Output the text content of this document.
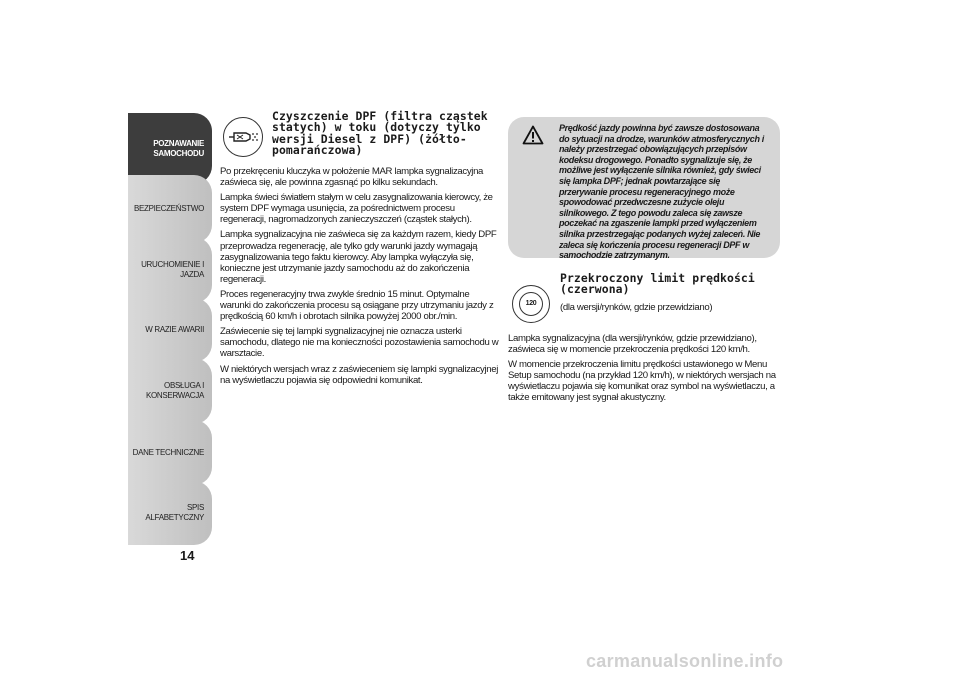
POZNAWANIE
SAMOCHODU
BEZPIECZEŃSTWO
URUCHOMIENIE I
JAZDA
W RAZIE AWARII
OBSŁUGA I
KONSERWACJA
DANE TECHNICZNE
SPIS ALFABETYCZNY
14
Czyszczenie DPF (filtra cząstek statych) w toku (dotyczy tylko wersji Diesel z DPF) (żółto-pomarańczowa)

Po przekręceniu kluczyka w położenie MAR lampka sygnalizacyjna zaświeca się, ale powinna zgasnąć po kilku sekundach.

Lampka świeci światłem stałym w celu zasygnalizowania kierowcy, że system DPF wymaga usunięcia, za pośrednictwem procesu regeneracji, nagromadzonych zanieczyszczeń (cząstek stałych).

Lampka sygnalizacyjna nie zaświeca się za każdym razem, kiedy DPF przeprowadza regenerację, ale tylko gdy warunki jazdy wymagają zasygnalizowania tego faktu kierowcy. Aby lampka wyłączyła się, konieczne jest utrzymanie jazdy samochodu aż do zakończenia regeneracji.

Proces regeneracyjny trwa zwykle średnio 15 minut. Optymalne warunki do zakończenia procesu są osiągane przy utrzymaniu jazdy z prędkością 60 km/h i obrotach silnika powyżej 2000 obr./min.

Zaświecenie się tej lampki sygnalizacyjnej nie oznacza usterki samochodu, dlatego nie ma konieczności pozostawienia samochodu w warsztacie.

W niektórych wersjach wraz z zaświeceniem się lampki sygnalizacyjnej na wyświetlaczu pojawia się odpowiedni komunikat.

Prędkość jazdy powinna być zawsze dostosowana do sytuacji na drodze, warunków atmosferycznych i należy przestrzegać obowiązujących przepisów kodeksu drogowego. Ponadto sygnalizuje się, że możliwe jest wyłączenie silnika również, gdy świeci się lampka DPF; jednak powtarzające się przerywanie procesu regeneracyjnego może spowodować przedwczesne zużycie oleju silnikowego. Z tego powodu zaleca się zawsze poczekać na zgaszenie lampki przed wyłączeniem silnika przestrzegając podanych wyżej zaleceń. Nie zaleca się kończenia procesu regeneracji DPF w samochodzie zatrzymanym.

120
Przekroczony limit prędkości (czerwona)
(dla wersji/rynków, gdzie przewidziano)

Lampka sygnalizacyjna (dla wersji/rynków, gdzie przewidziano), zaświeca się w momencie przekroczenia prędkości 120 km/h.

W momencie przekroczenia limitu prędkości ustawionego w Menu Setup samochodu (na przykład 120 km/h), w niektórych wersjach na wyświetlaczu pojawia się komunikat oraz symbol na wyświetlaczu, a także emitowany jest sygnał akustyczny.

carmanualsonline.info
